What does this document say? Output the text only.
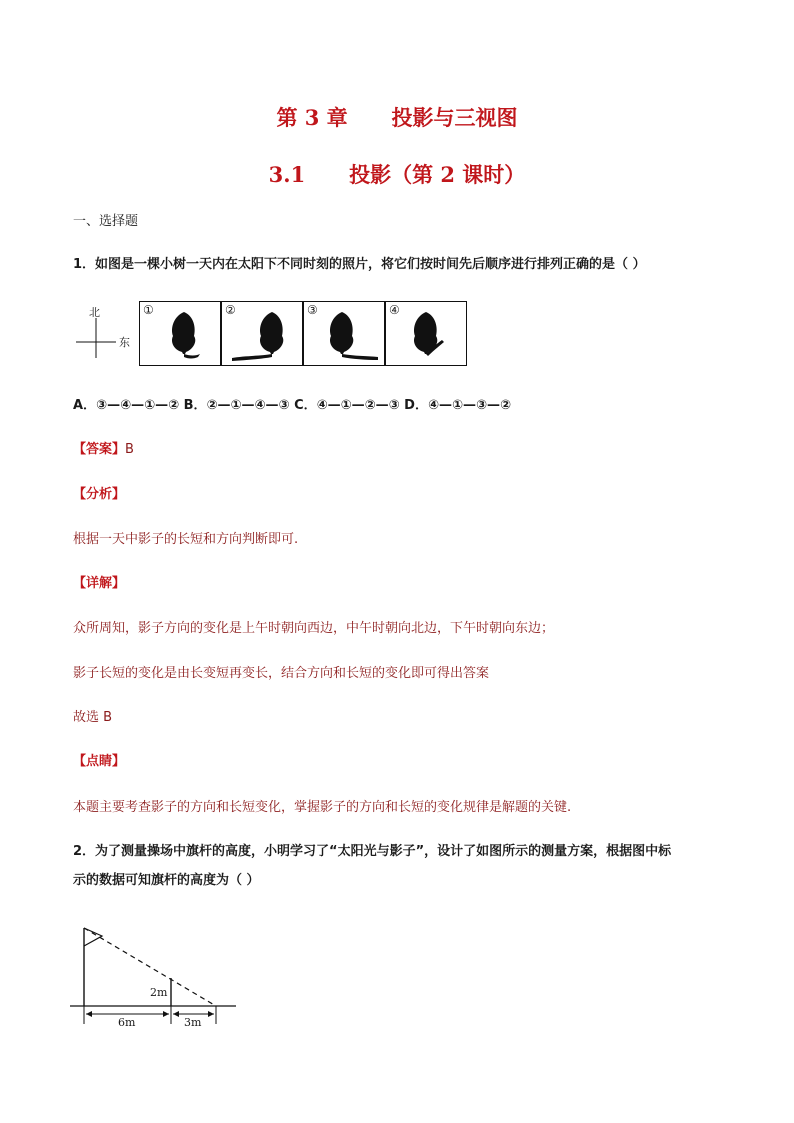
第 3 章      投影与三视图
3.1      投影（第 2 课时）
一、选择题
1．如图是一棵小树一天内在太阳下不同时刻的照片，将它们按时间先后顺序进行排列正确的是（ ）
北
东
①	②	③	④
A．③—④—①—② B．②—①—④—③ C．④—①—②—③ D．④—①—③—②
【答案】B
【分析】
根据一天中影子的长短和方向判断即可.
【详解】
众所周知，影子方向的变化是上午时朝向西边，中午时朝向北边，下午时朝向东边；
影子长短的变化是由长变短再变长，结合方向和长短的变化即可得出答案
故选 B
【点睛】
本题主要考查影子的方向和长短变化，掌握影子的方向和长短的变化规律是解题的关键.
2．为了测量操场中旗杆的高度，小明学习了“太阳光与影子”，设计了如图所示的测量方案，根据图中标
示的数据可知旗杆的高度为（ ）
2m
6m	3m
